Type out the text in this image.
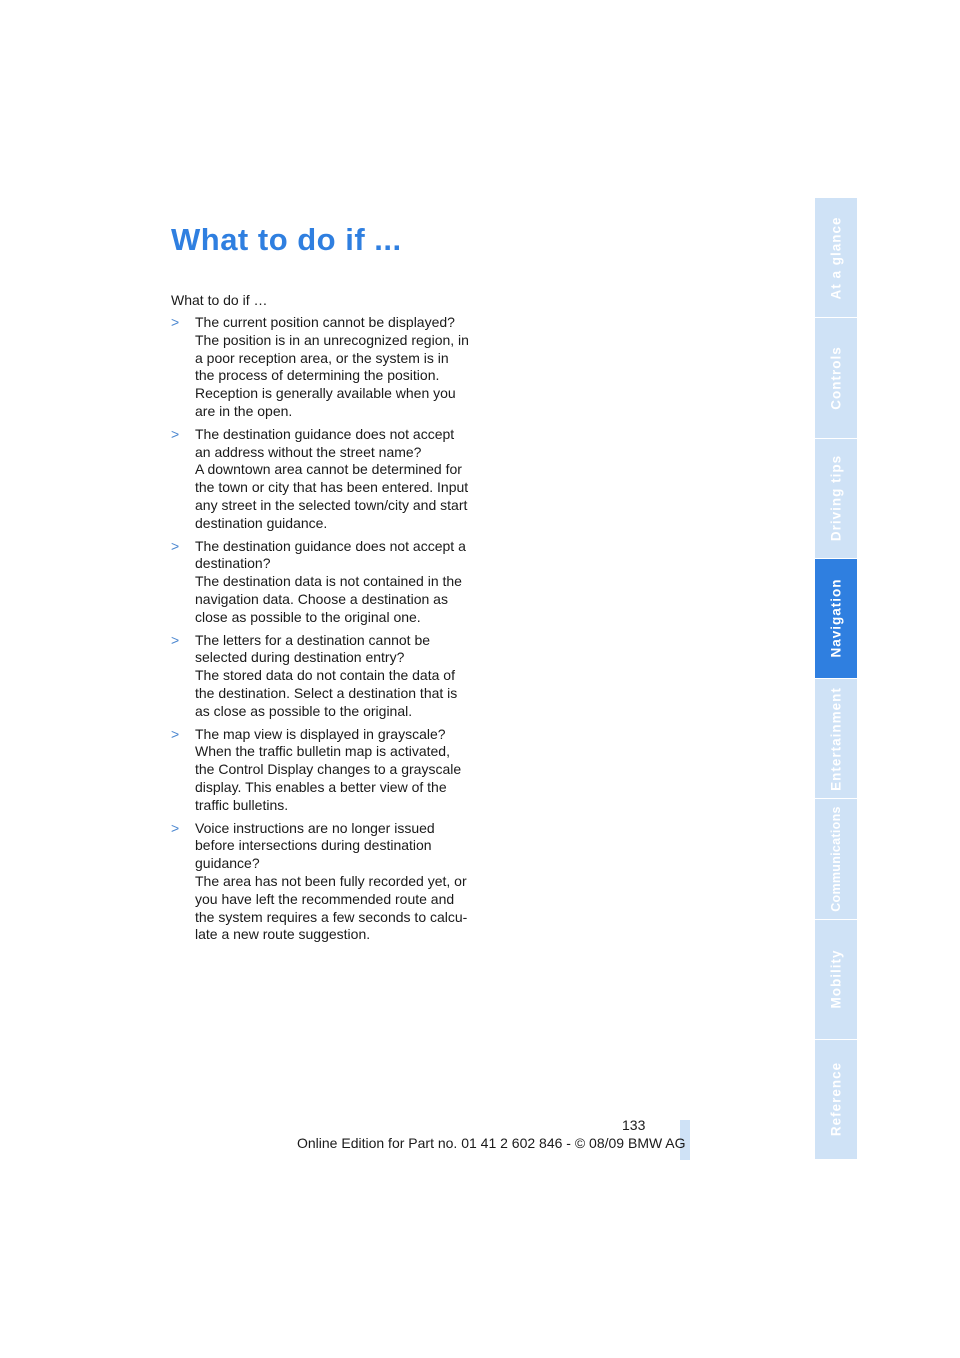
What to do if ...
What to do if …
> The current position cannot be displayed?
The position is in an unrecognized region, in a poor reception area, or the system is in the process of determining the position. Reception is generally available when you are in the open.
> The destination guidance does not accept an address without the street name?
A downtown area cannot be determined for the town or city that has been entered. Input any street in the selected town/city and start destination guidance.
> The destination guidance does not accept a destination?
The destination data is not contained in the navigation data. Choose a destination as close as possible to the original one.
> The letters for a destination cannot be selected during destination entry?
The stored data do not contain the data of the destination. Select a destination that is as close as possible to the original.
> The map view is displayed in grayscale?
When the traffic bulletin map is activated, the Control Display changes to a grayscale display. This enables a better view of the traffic bulletins.
> Voice instructions are no longer issued before intersections during destination guidance?
The area has not been fully recorded yet, or you have left the recommended route and the system requires a few seconds to calcu-late a new route suggestion.
At a glance
Controls
Driving tips
Navigation
Entertainment
Communications
Mobility
Reference
133
Online Edition for Part no. 01 41 2 602 846 - © 08/09 BMW AG
